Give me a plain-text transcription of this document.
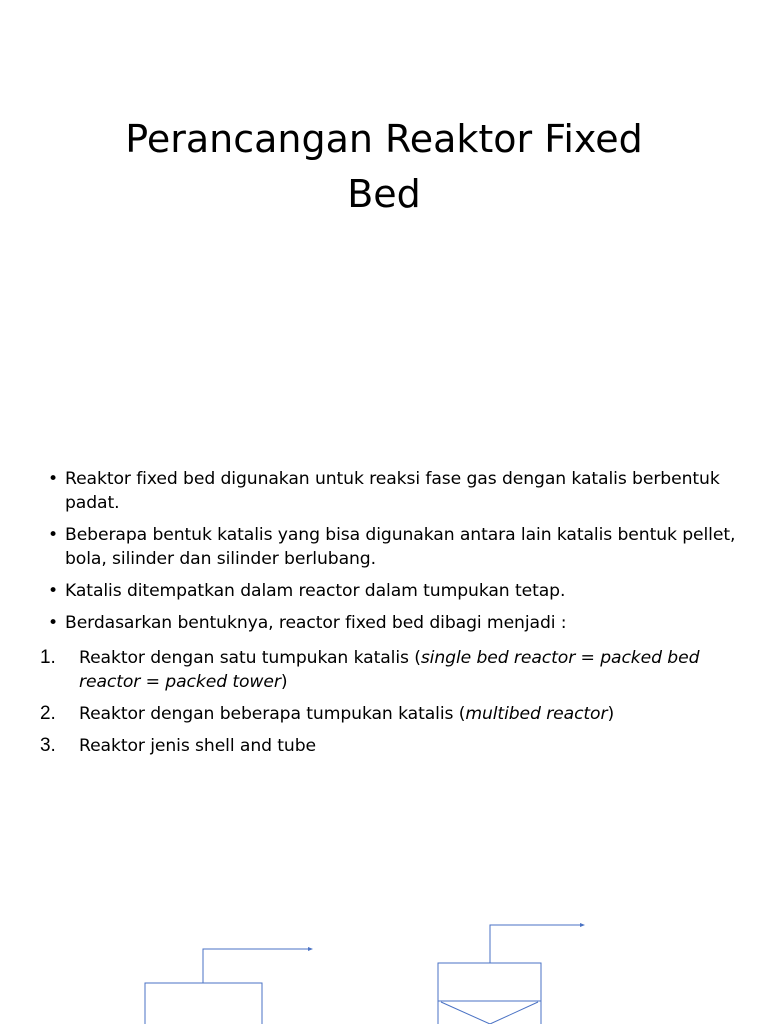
Perancangan Reaktor Fixed
Bed
• Reaktor fixed bed digunakan untuk reaksi fase gas dengan katalis berbentuk padat.
• Beberapa bentuk katalis yang bisa digunakan antara lain katalis bentuk pellet, bola, silinder dan silinder berlubang.
• Katalis ditempatkan dalam reactor dalam tumpukan tetap.
• Berdasarkan bentuknya, reactor fixed bed dibagi menjadi :
1.	Reaktor dengan satu tumpukan katalis (single bed reactor = packed bed reactor = packed tower)
2.	Reaktor dengan beberapa tumpukan katalis (multibed reactor)
3.	Reaktor jenis shell and tube
